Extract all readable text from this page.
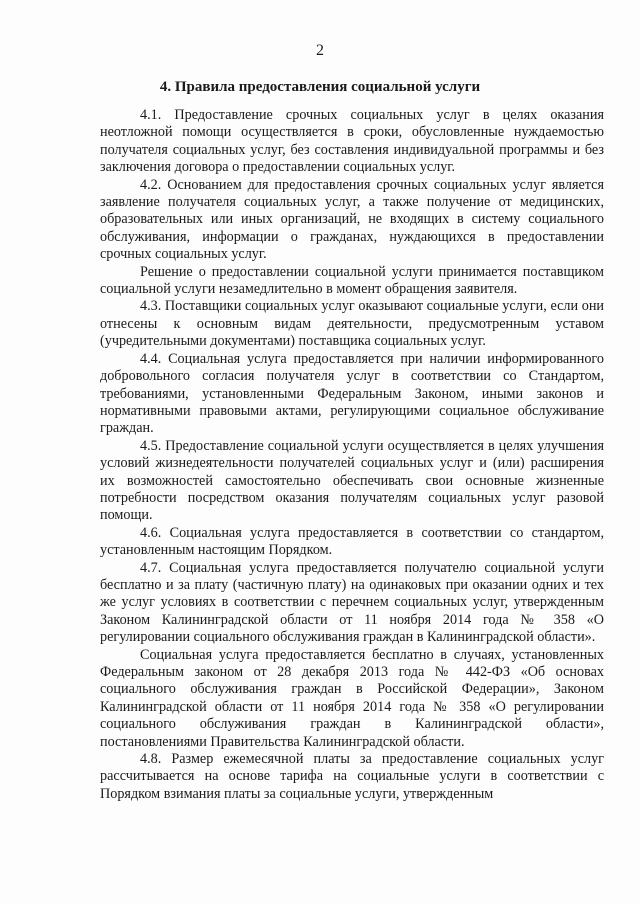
2
4. Правила предоставления социальной услуги

4.1. Предоставление срочных социальных услуг в целях оказания неотложной помощи осуществляется в сроки, обусловленные нуждаемостью получателя социальных услуг, без составления индивидуальной программы и без заключения договора о предоставлении социальных услуг.

4.2. Основанием для предоставления срочных социальных услуг является заявление получателя социальных услуг, а также получение от медицинских, образовательных или иных организаций, не входящих в систему социального обслуживания, информации о гражданах, нуждающихся в предоставлении срочных социальных услуг.

Решение о предоставлении социальной услуги принимается поставщиком социальной услуги незамедлительно в момент обращения заявителя.

4.3. Поставщики социальных услуг оказывают социальные услуги, если они отнесены к основным видам деятельности, предусмотренным уставом (учредительными документами) поставщика социальных услуг.

4.4. Социальная услуга предоставляется при наличии информированного добровольного согласия получателя услуг в соответствии со Стандартом, требованиями, установленными Федеральным Законом, иными законов и нормативными правовыми актами, регулирующими социальное обслуживание граждан.

4.5. Предоставление социальной услуги осуществляется в целях улучшения условий жизнедеятельности получателей социальных услуг и (или) расширения их возможностей самостоятельно обеспечивать свои основные жизненные потребности посредством оказания получателям социальных услуг разовой помощи.

4.6. Социальная услуга предоставляется в соответствии со стандартом, установленным настоящим Порядком.

4.7. Социальная услуга предоставляется получателю социальной услуги бесплатно и за плату (частичную плату) на одинаковых при оказании одних и тех же услуг условиях в соответствии с перечнем социальных услуг, утвержденным Законом Калининградской области от 11 ноября 2014 года № 358 «О регулировании социального обслуживания граждан в Калининградской области».

Социальная услуга предоставляется бесплатно в случаях, установленных Федеральным законом от 28 декабря 2013 года № 442-ФЗ «Об основах социального обслуживания граждан в Российской Федерации», Законом Калининградской области от 11 ноября 2014 года № 358 «О регулировании социального обслуживания граждан в Калининградской области», постановлениями Правительства Калининградской области.

4.8. Размер ежемесячной платы за предоставление социальных услуг рассчитывается на основе тарифа на социальные услуги в соответствии с Порядком взимания платы за социальные услуги, утвержденным
